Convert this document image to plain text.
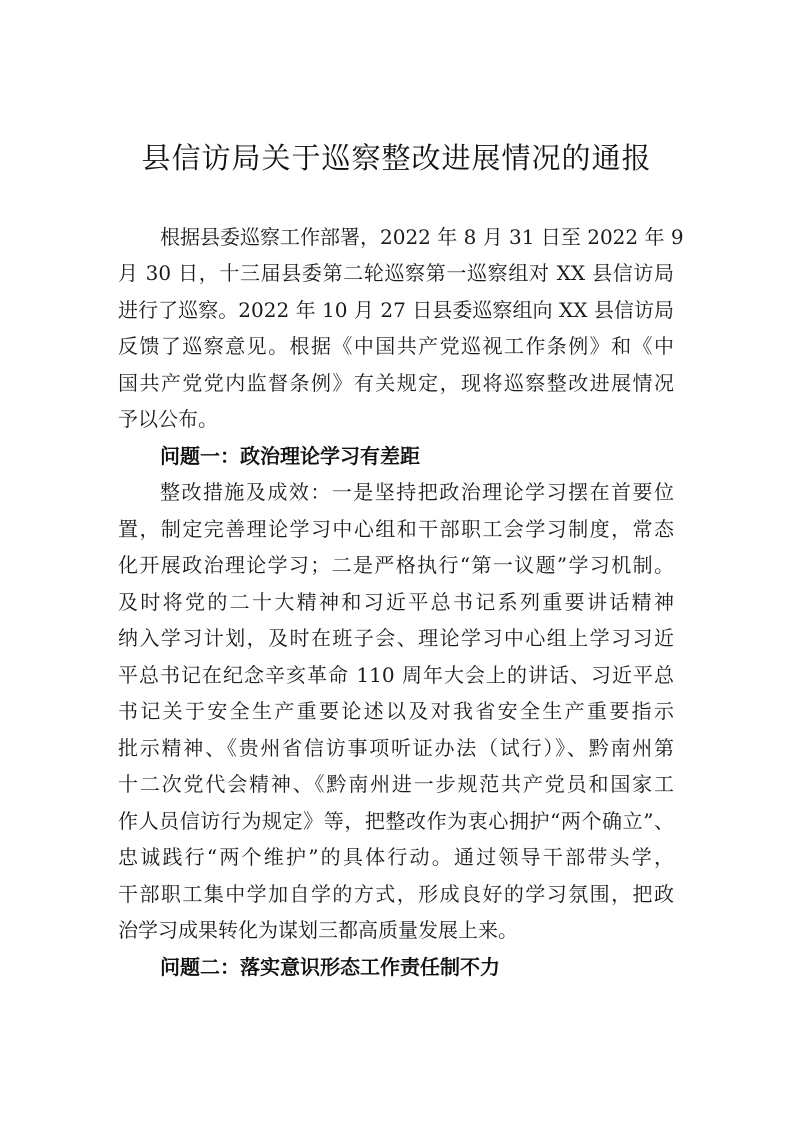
县信访局关于巡察整改进展情况的通报
根据县委巡察工作部署，2022 年 8 月 31 日至 2022 年 9
月 30 日，十三届县委第二轮巡察第一巡察组对 XX 县信访局
进行了巡察。2022 年 10 月 27 日县委巡察组向 XX 县信访局
反馈了巡察意见。根据《中国共产党巡视工作条例》和《中
国共产党党内监督条例》有关规定，现将巡察整改进展情况
予以公布。
问题一：政治理论学习有差距
整改措施及成效：一是坚持把政治理论学习摆在首要位
置，制定完善理论学习中心组和干部职工会学习制度，常态
化开展政治理论学习；二是严格执行“第一议题”学习机制。
及时将党的二十大精神和习近平总书记系列重要讲话精神
纳入学习计划，及时在班子会、理论学习中心组上学习习近
平总书记在纪念辛亥革命 110 周年大会上的讲话、习近平总
书记关于安全生产重要论述以及对我省安全生产重要指示
批示精神、《贵州省信访事项听证办法（试行）》、黔南州第
十二次党代会精神、《黔南州进一步规范共产党员和国家工
作人员信访行为规定》等，把整改作为衷心拥护“两个确立”、
忠诚践行“两个维护”的具体行动。通过领导干部带头学，
干部职工集中学加自学的方式，形成良好的学习氛围，把政
治学习成果转化为谋划三都高质量发展上来。
问题二：落实意识形态工作责任制不力
